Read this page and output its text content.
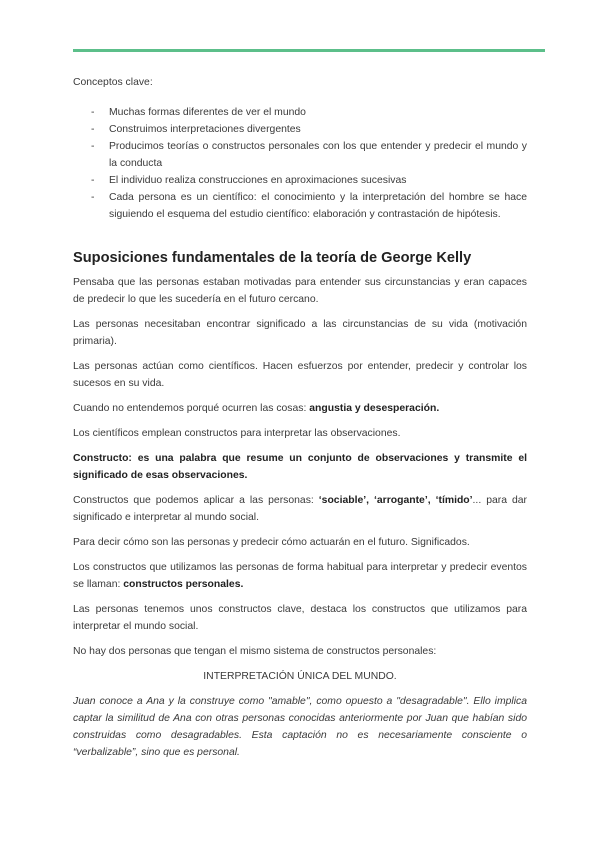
Conceptos clave:

- Muchas formas diferentes de ver el mundo
- Construimos interpretaciones divergentes
- Producimos teorías o constructos personales con los que entender y predecir el mundo y la conducta
- El individuo realiza construcciones en aproximaciones sucesivas
- Cada persona es un científico: el conocimiento y la interpretación del hombre se hace siguiendo el esquema del estudio científico: elaboración y contrastación de hipótesis.
Suposiciones fundamentales de la teoría de George Kelly

Pensaba que las personas estaban motivadas para entender sus circunstancias y eran capaces de predecir lo que les sucedería en el futuro cercano.

Las personas necesitaban encontrar significado a las circunstancias de su vida (motivación primaria).

Las personas actúan como científicos. Hacen esfuerzos por entender, predecir y controlar los sucesos en su vida.

Cuando no entendemos porqué ocurren las cosas: angustia y desesperación.

Los científicos emplean constructos para interpretar las observaciones.

Constructo: es una palabra que resume un conjunto de observaciones y transmite el significado de esas observaciones.

Constructos que podemos aplicar a las personas: ‘sociable’, ‘arrogante’, ‘tímido’... para dar significado e interpretar al mundo social.

Para decir cómo son las personas y predecir cómo actuarán en el futuro. Significados.

Los constructos que utilizamos las personas de forma habitual para interpretar y predecir eventos se llaman: constructos personales.

Las personas tenemos unos constructos clave, destaca los constructos que utilizamos para interpretar el mundo social.

No hay dos personas que tengan el mismo sistema de constructos personales:

INTERPRETACIÓN ÚNICA DEL MUNDO.

Juan conoce a Ana y la construye como "amable", como opuesto a "desagradable". Ello implica captar la similitud de Ana con otras personas conocidas anteriormente por Juan que habían sido construidas como desagradables. Esta captación no es necesariamente consciente o “verbalizable”, sino que es personal.
